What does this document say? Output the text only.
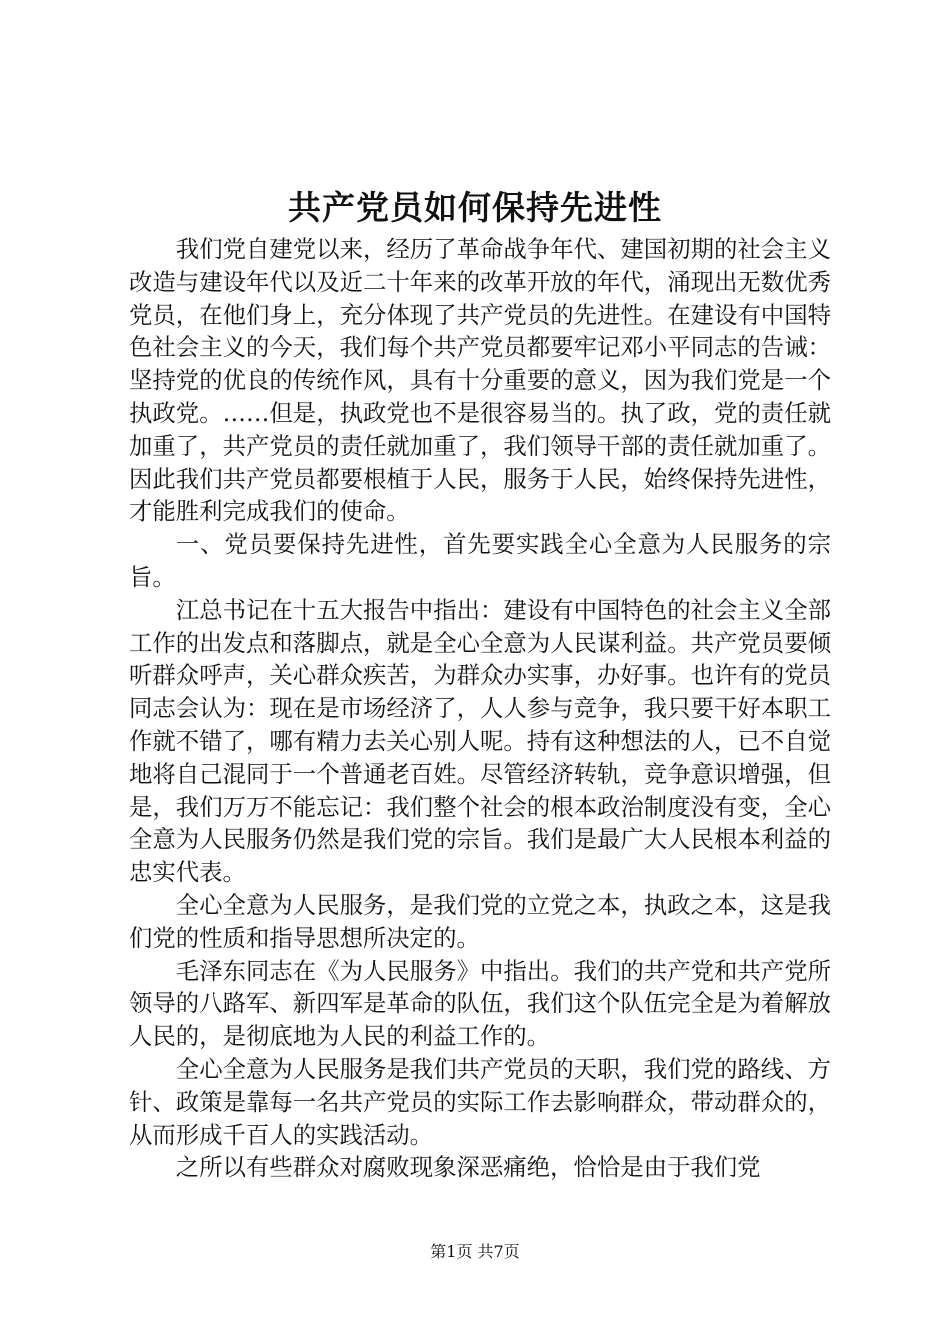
共产党员如何保持先进性

我们党自建党以来，经历了革命战争年代、建国初期的社会主义改造与建设年代以及近二十年来的改革开放的年代，涌现出无数优秀党员，在他们身上，充分体现了共产党员的先进性。在建设有中国特色社会主义的今天，我们每个共产党员都要牢记邓小平同志的告诫：坚持党的优良的传统作风，具有十分重要的意义，因为我们党是一个执政党。……但是，执政党也不是很容易当的。执了政，党的责任就加重了，共产党员的责任就加重了，我们领导干部的责任就加重了。因此我们共产党员都要根植于人民，服务于人民，始终保持先进性，才能胜利完成我们的使命。

一、党员要保持先进性，首先要实践全心全意为人民服务的宗旨。

江总书记在十五大报告中指出：建设有中国特色的社会主义全部工作的出发点和落脚点，就是全心全意为人民谋利益。共产党员要倾听群众呼声，关心群众疾苦，为群众办实事，办好事。也许有的党员同志会认为：现在是市场经济了，人人参与竞争，我只要干好本职工作就不错了，哪有精力去关心别人呢。持有这种想法的人，已不自觉地将自己混同于一个普通老百姓。尽管经济转轨，竞争意识增强，但是，我们万万不能忘记：我们整个社会的根本政治制度没有变，全心全意为人民服务仍然是我们党的宗旨。我们是最广大人民根本利益的忠实代表。

全心全意为人民服务，是我们党的立党之本，执政之本，这是我们党的性质和指导思想所决定的。

毛泽东同志在《为人民服务》中指出。我们的共产党和共产党所领导的八路军、新四军是革命的队伍，我们这个队伍完全是为着解放人民的，是彻底地为人民的利益工作的。

全心全意为人民服务是我们共产党员的天职，我们党的路线、方针、政策是靠每一名共产党员的实际工作去影响群众，带动群众的，从而形成千百人的实践活动。

之所以有些群众对腐败现象深恶痛绝，恰恰是由于我们党

第1页 共7页
